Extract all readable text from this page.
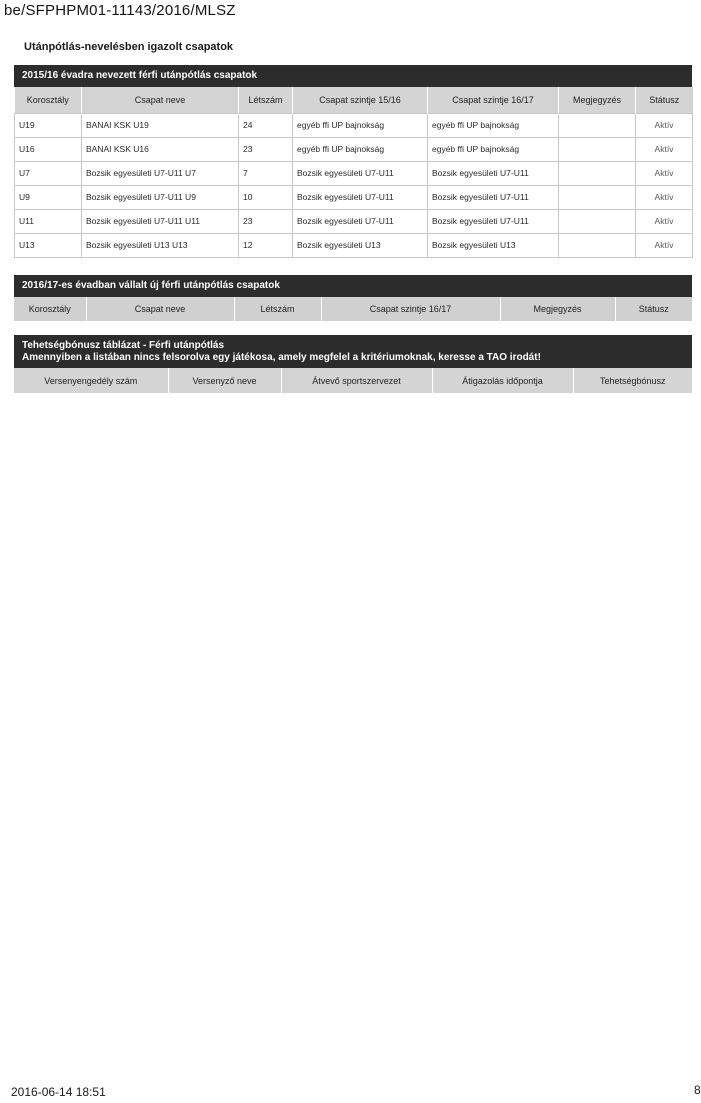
be/SFPHPM01-11143/2016/MLSZ
Utánpótlás-nevelésben igazolt csapatok
2015/16 évadra nevezett férfi utánpótlás csapatok
Korosztály	Csapat neve	Létszám	Csapat szintje 15/16	Csapat szintje 16/17	Megjegyzés	Státusz
U19	BANAI KSK U19	24	egyéb ffi UP bajnokság	egyéb ffi UP bajnokság		Aktív
U16	BANAI KSK U16	23	egyéb ffi UP bajnokság	egyéb ffi UP bajnokság		Aktív
U7	Bozsik egyesületi U7-U11 U7	7	Bozsik egyesületi U7-U11	Bozsik egyesületi U7-U11		Aktív
U9	Bozsik egyesületi U7-U11 U9	10	Bozsik egyesületi U7-U11	Bozsik egyesületi U7-U11		Aktív
U11	Bozsik egyesületi U7-U11 U11	23	Bozsik egyesületi U7-U11	Bozsik egyesületi U7-U11		Aktív
U13	Bozsik egyesületi U13 U13	12	Bozsik egyesületi U13	Bozsik egyesületi U13		Aktív
2016/17-es évadban vállalt új férfi utánpótlás csapatok
Korosztály	Csapat neve	Létszám	Csapat szintje 16/17	Megjegyzés	Státusz
Tehetségbónusz táblázat - Férfi utánpótlás
Amennyiben a listában nincs felsorolva egy játékosa, amely megfelel a kritériumoknak, keresse a TAO irodát!
Versenyengedély szám	Versenyző neve	Átvevő sportszervezet	Átigazolás időpontja	Tehetségbónusz
2016-06-14 18:51	8
